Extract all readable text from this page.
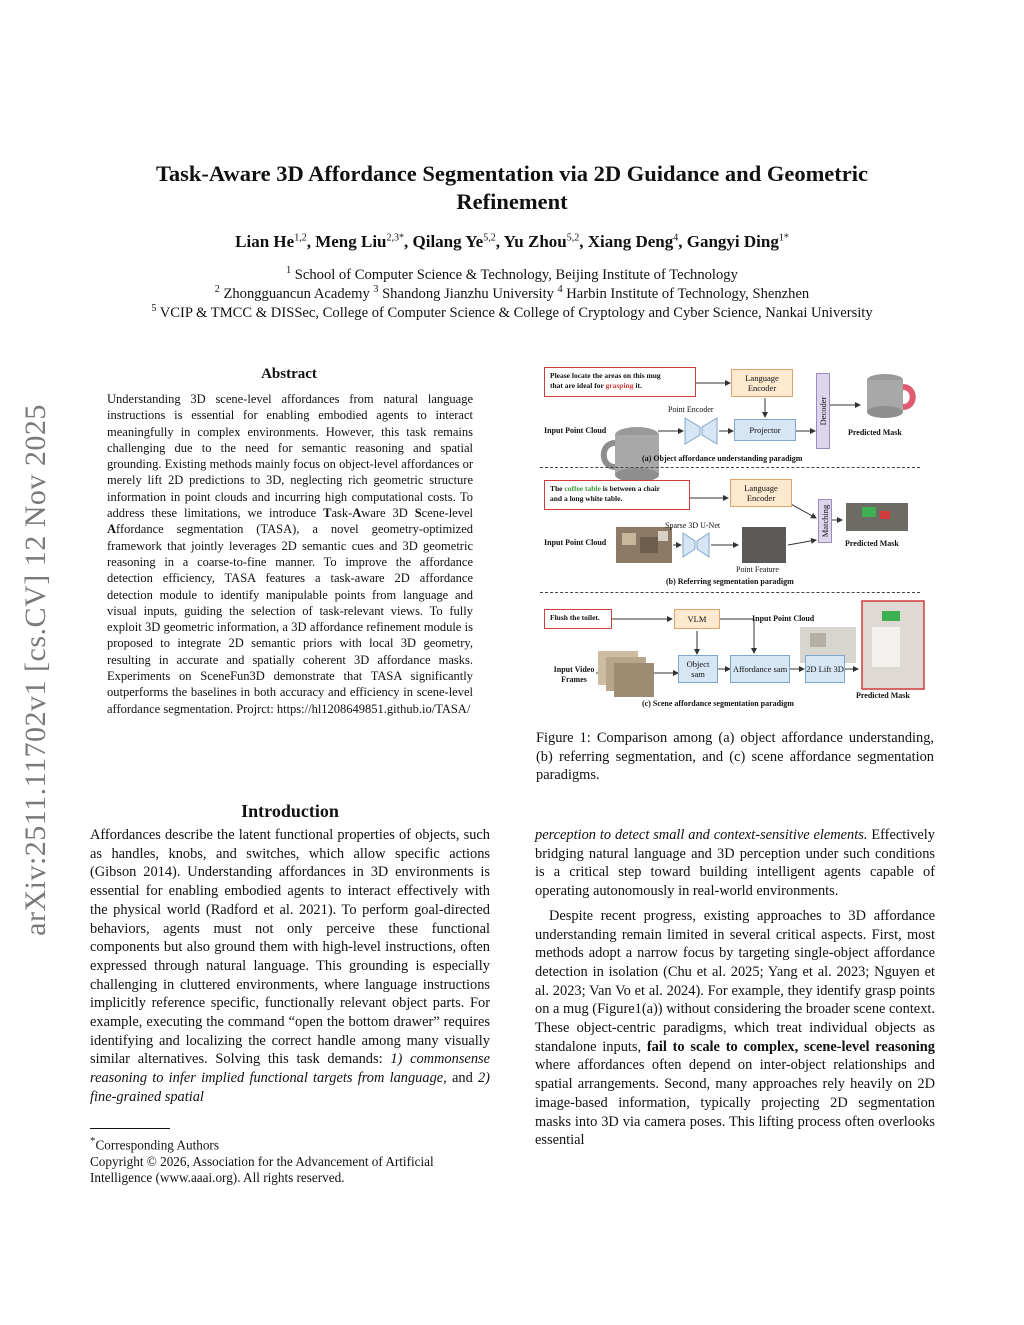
arXiv:2511.11702v1 [cs.CV] 12 Nov 2025
Task-Aware 3D Affordance Segmentation via 2D Guidance and Geometric
Refinement
Lian He$^{1,2}$, Meng Liu$^{2,3*}$, Qilang Ye$^{5,2}$, Yu Zhou$^{5,2}$, Xiang Deng$^4$, Gangyi Ding$^{1*}$
$^1$ School of Computer Science & Technology, Beijing Institute of Technology
$^2$ Zhongguancun Academy $^3$ Shandong Jianzhu University $^4$ Harbin Institute of Technology, Shenzhen
$^5$ VCIP & TMCC & DISSec, College of Computer Science & College of Cryptology and Cyber Science, Nankai University
Abstract
Understanding 3D scene-level affordances from natural language instructions is essential for enabling embodied agents to interact meaningfully in complex environments. However, this task remains challenging due to the need for semantic reasoning and spatial grounding. Existing methods mainly focus on object-level affordances or merely lift 2D predictions to 3D, neglecting rich geometric structure information in point clouds and incurring high computational costs. To address these limitations, we introduce Task-Aware 3D Scene-level Affordance segmentation (TASA), a novel geometry-optimized framework that jointly leverages 2D semantic cues and 3D geometric reasoning in a coarse-to-fine manner. To improve the affordance detection efficiency, TASA features a task-aware 2D affordance detection module to identify manipulable points from language and visual inputs, guiding the selection of task-relevant views. To fully exploit 3D geometric information, a 3D affordance refinement module is proposed to integrate 2D semantic priors with local 3D geometry, resulting in accurate and spatially coherent 3D affordance masks. Experiments on SceneFun3D demonstrate that TASA significantly outperforms the baselines in both accuracy and efficiency in scene-level affordance segmentation. Projrct: https://hl1208649851.github.io/TASA/
Introduction

Affordances describe the latent functional properties of objects, such as handles, knobs, and switches, which allow specific actions (Gibson 2014). Understanding affordances in 3D environments is essential for enabling embodied agents to interact effectively with the physical world (Radford et al. 2021). To perform goal-directed behaviors, agents must not only perceive these functional components but also ground them with high-level instructions, often expressed through natural language. This grounding is especially challenging in cluttered environments, where language instructions implicitly reference specific, functionally relevant object parts. For example, executing the command “open the bottom drawer” requires identifying and localizing the correct handle among many visually similar alternatives. Solving this task demands: 1) commonsense reasoning to infer implied functional targets from language, and 2) fine-grained spatial

*Corresponding Authors

Copyright © 2026, Association for the Advancement of Artificial Intelligence (www.aaai.org). All rights reserved.

perception to detect small and context-sensitive elements. Effectively bridging natural language and 3D perception under such conditions is a critical step toward building intelligent agents capable of operating autonomously in real-world environments.

Despite recent progress, existing approaches to 3D affordance understanding remain limited in several critical aspects. First, most methods adopt a narrow focus by targeting single-object affordance detection in isolation (Chu et al. 2025; Yang et al. 2023; Nguyen et al. 2023; Van Vo et al. 2024). For example, they identify grasp points on a mug (Figure1(a)) without considering the broader scene context. These object-centric paradigms, which treat individual objects as standalone inputs, fail to scale to complex, scene-level reasoning where affordances often depend on inter-object relationships and spatial arrangements. Second, many approaches rely heavily on 2D image-based information, typically projecting 2D segmentation masks into 3D via camera poses. This lifting process often overlooks essential

Please locate the areas on this mug
that are ideal for grasping it.
Language Encoder
Point Encoder
Projector
Decoder
Input Point Cloud	Predicted Mask
(a) Object affordance understanding paradigm
The coffee table is between a chair
and a long white table.
Language Encoder
Sparse 3D U-Net	Matching
Input Point Cloud	Predicted Mask
Point Feature
(b) Referring segmentation paradigm
Flush the toilet.	VLM	Input Point Cloud
Input Video Frames
Object sam	Affordance sam	2D Lift 3D
Predicted Mask
(c) Scene affordance segmentation paradigm
Figure 1: Comparison among (a) object affordance understanding, (b) referring segmentation, and (c) scene affordance segmentation paradigms.
